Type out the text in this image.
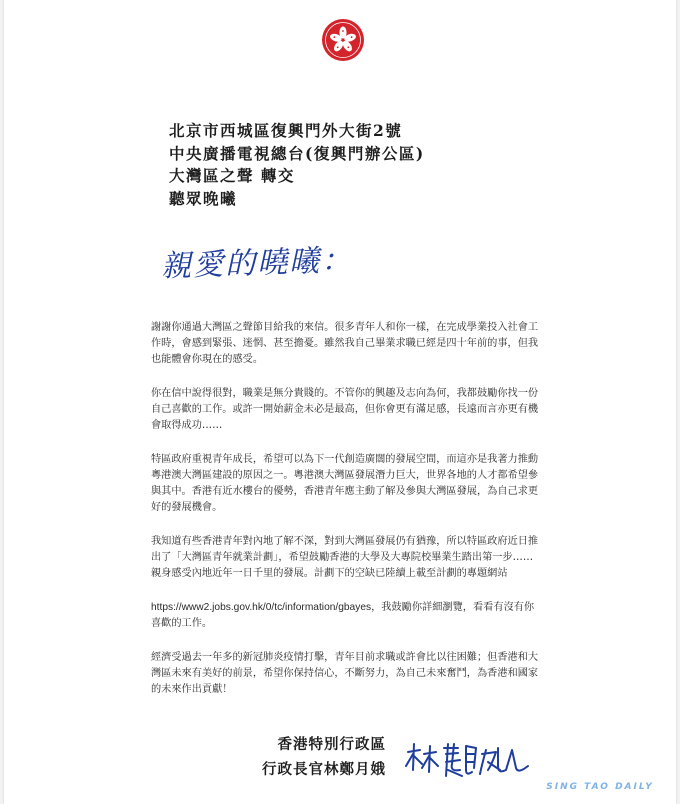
北京市西城區復興門外大街2號
中央廣播電視總台(復興門辦公區)
大灣區之聲 轉交
聽眾晚曦
親愛的曉曦：

謝謝你通過大灣區之聲節目給我的來信。很多青年人和你一樣，在完成學業投入社會工作時，會感到緊張、迷惘、甚至擔憂。雖然我自己畢業求職已經是四十年前的事，但我也能體會你現在的感受。

你在信中說得很對，職業是無分貴賤的。不管你的興趣及志向為何，我都鼓勵你找一份自己喜歡的工作。或許一開始薪金未必是最高，但你會更有滿足感，長遠而言亦更有機會取得成功……

特區政府重視青年成長，希望可以為下一代創造廣闊的發展空間，而這亦是我著力推動粵港澳大灣區建設的原因之一。粵港澳大灣區發展潛力巨大，世界各地的人才都希望參與其中。香港有近水樓台的優勢，香港青年應主動了解及參與大灣區發展，為自己求更好的發展機會。

我知道有些香港青年對內地了解不深，對到大灣區發展仍有猶豫，所以特區政府近日推出了「大灣區青年就業計劃」，希望鼓勵香港的大學及大專院校畢業生踏出第一步……親身感受內地近年一日千里的發展。計劃下的空缺已陸續上載至計劃的專題網站

https://www2.jobs.gov.hk/0/tc/information/gbayes，我鼓勵你詳細瀏覽，看看有沒有你喜歡的工作。

經濟受過去一年多的新冠肺炎疫情打擊，青年目前求職或許會比以往困難；但香港和大灣區未來有美好的前景，希望你保持信心，不斷努力，為自己未來奮鬥，為香港和國家的未來作出貢獻！

香港特別行政區
行政長官林鄭月娥	星島日報
SING TAO DAILY
